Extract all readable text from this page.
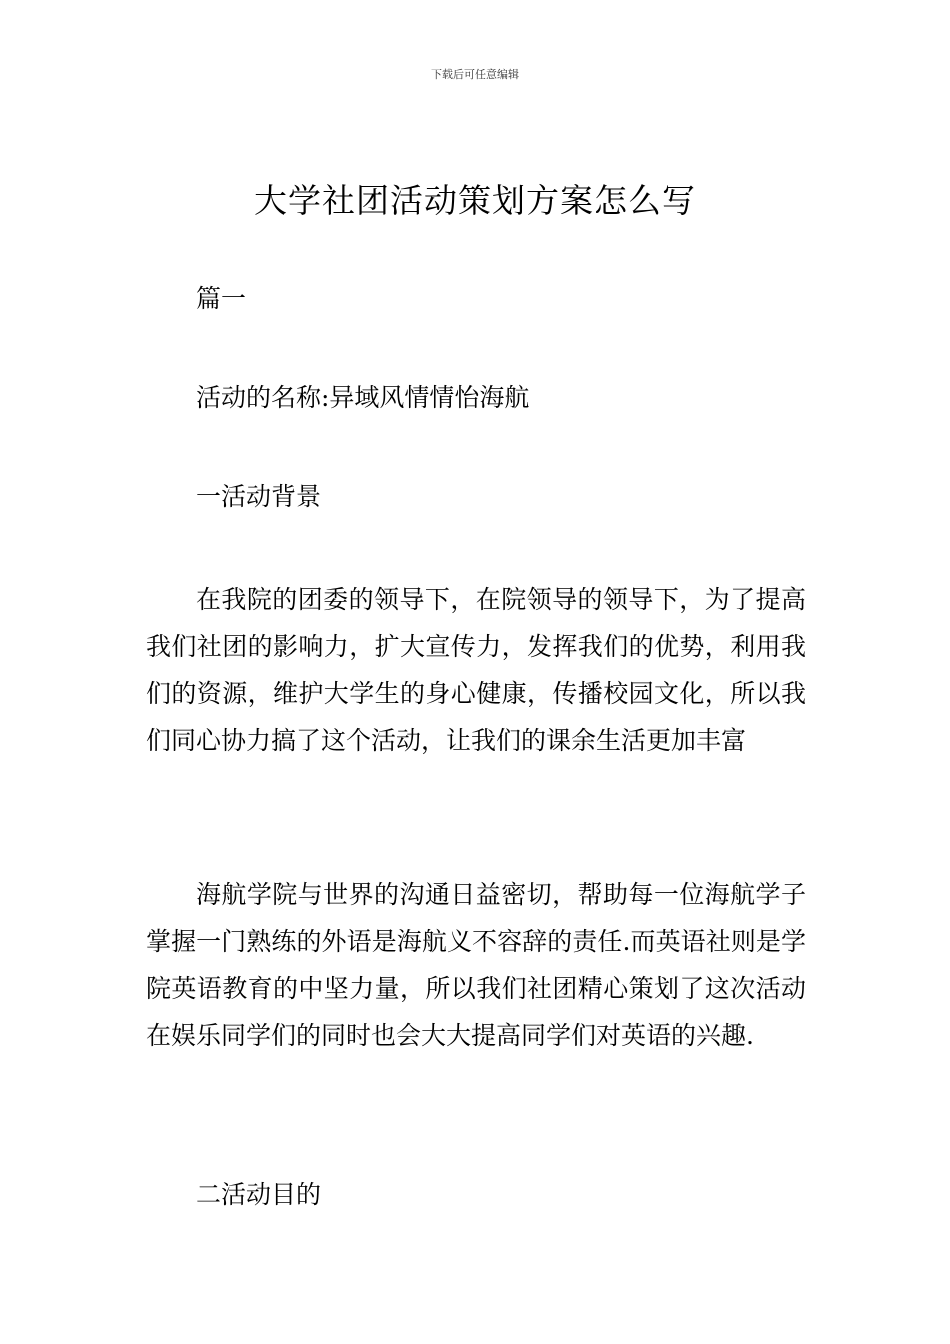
下载后可任意编辑
大学社团活动策划方案怎么写
篇一
活动的名称:异域风情情怡海航
一活动背景

在我院的团委的领导下，在院领导的领导下，为了提高我们社团的影响力，扩大宣传力，发挥我们的优势，利用我们的资源，维护大学生的身心健康，传播校园文化，所以我们同心协力搞了这个活动，让我们的课余生活更加丰富

海航学院与世界的沟通日益密切，帮助每一位海航学子掌握一门熟练的外语是海航义不容辞的责任.而英语社则是学院英语教育的中坚力量，所以我们社团精心策划了这次活动在娱乐同学们的同时也会大大提高同学们对英语的兴趣.

二活动目的
